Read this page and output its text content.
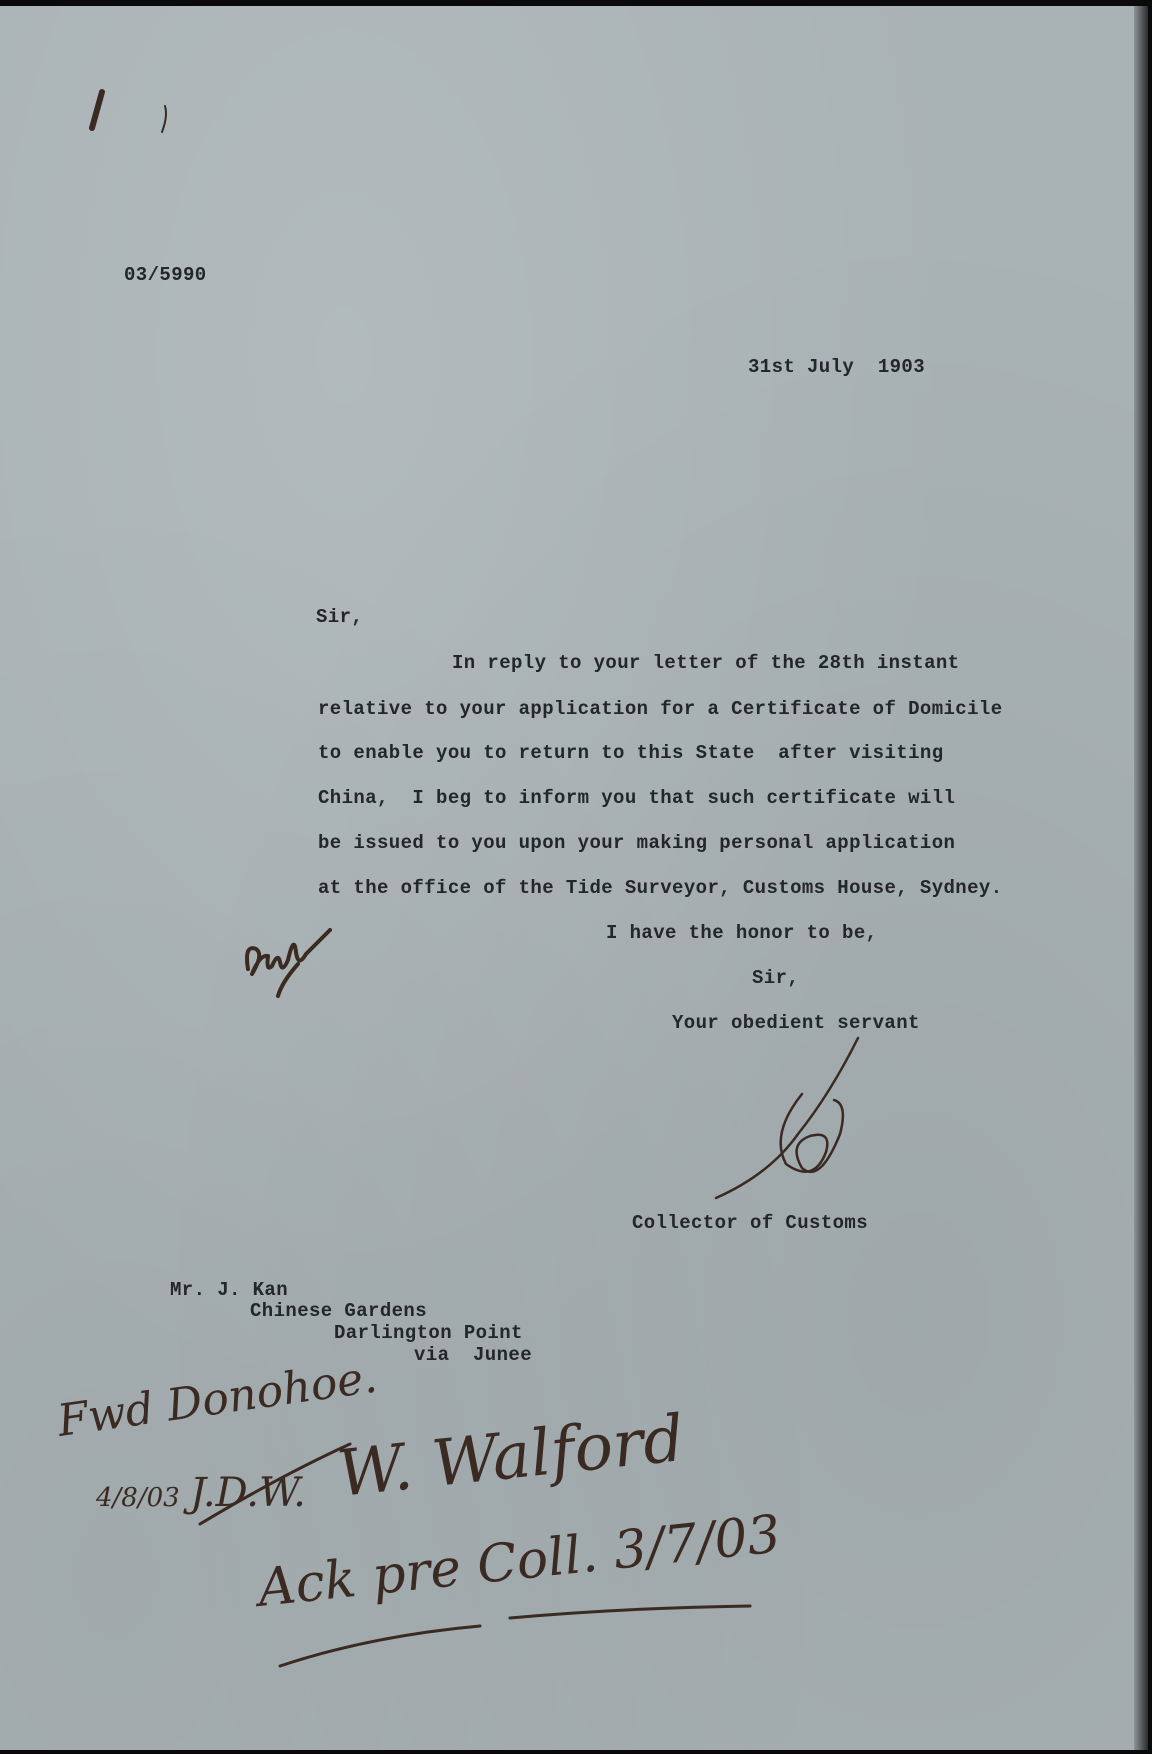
03/5990
31st July  1903
Sir,
In reply to your letter of the 28th instant
relative to your application for a Certificate of Domicile
to enable you to return to this State  after visiting
China,  I beg to inform you that such certificate will
be issued to you upon your making personal application
at the office of the Tide Surveyor, Customs House, Sydney.
I have the honor to be,
Sir,
Your obedient servant
Collector of Customs
Mr. J. Kan
Chinese Gardens
Darlington Point
via  Junee
Fwd Donohoe.
4/8/03 J.D.W. W. Walford
Ack pre Coll. 3/7/03
